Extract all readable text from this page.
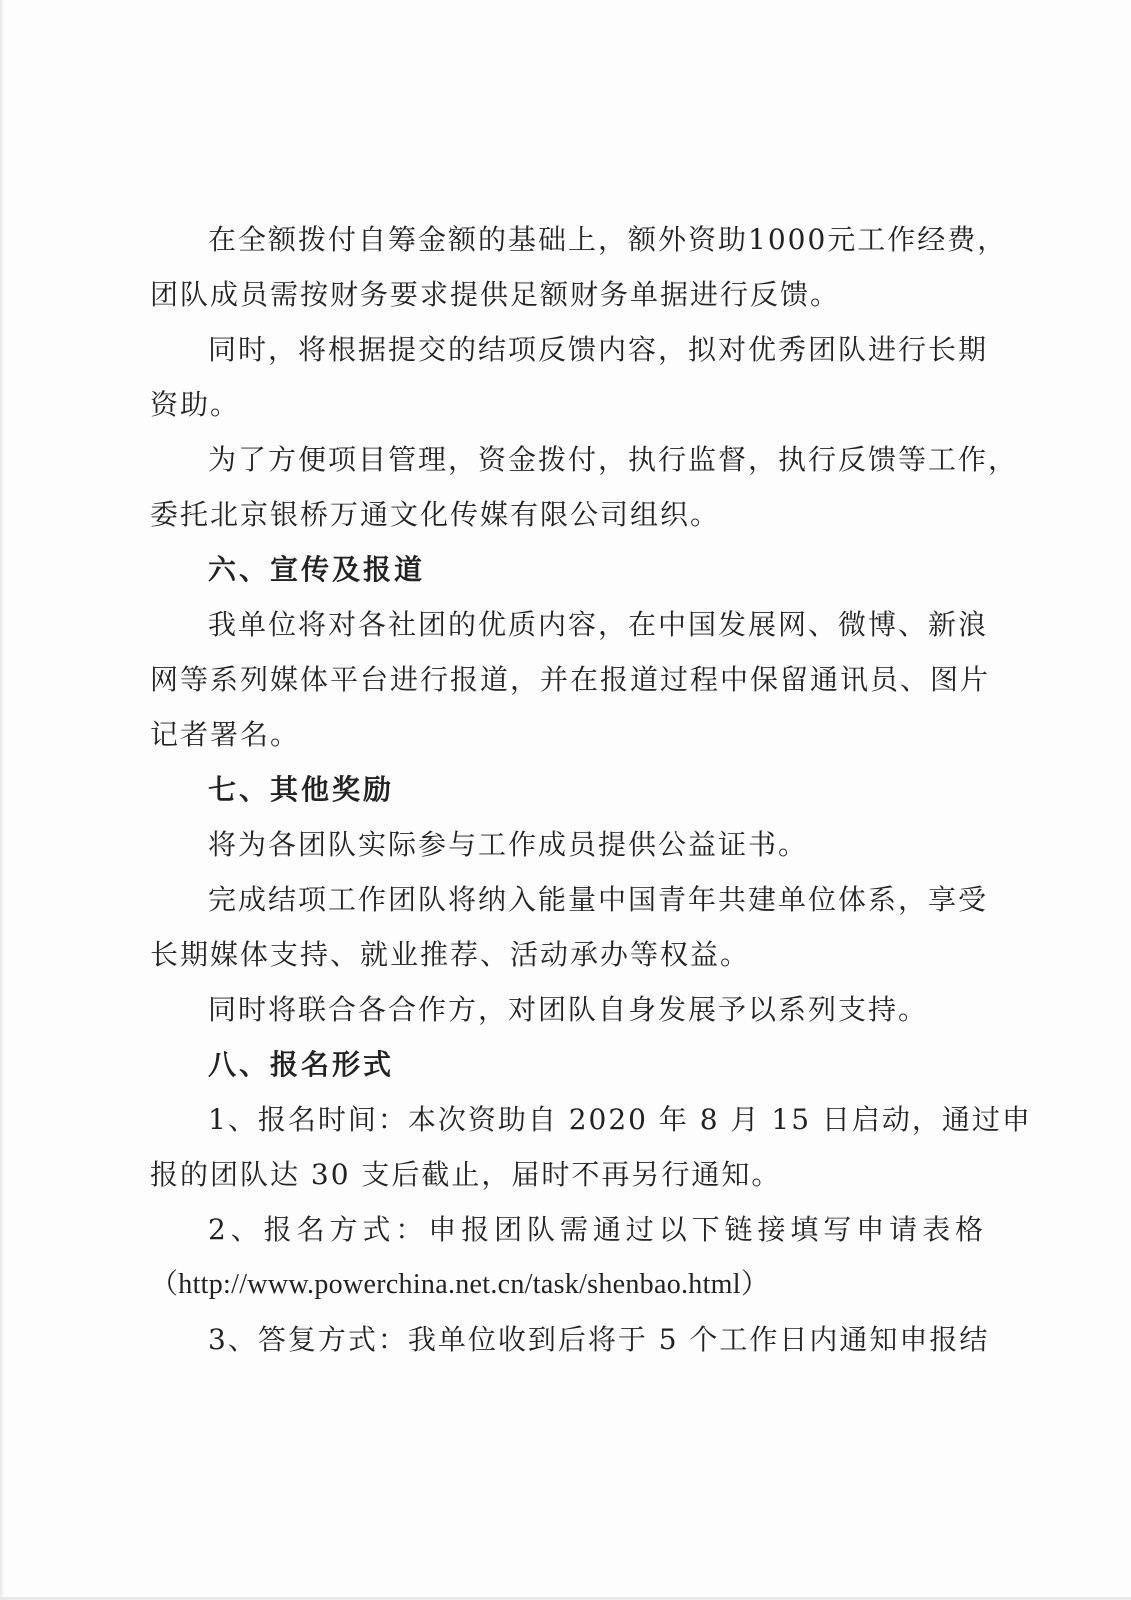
在全额拨付自筹金额的基础上，额外资助1000元工作经费，
团队成员需按财务要求提供足额财务单据进行反馈。
同时，将根据提交的结项反馈内容，拟对优秀团队进行长期
资助。
为了方便项目管理，资金拨付，执行监督，执行反馈等工作，
委托北京银桥万通文化传媒有限公司组织。
六、宣传及报道
我单位将对各社团的优质内容，在中国发展网、微博、新浪
网等系列媒体平台进行报道，并在报道过程中保留通讯员、图片
记者署名。
七、其他奖励
将为各团队实际参与工作成员提供公益证书。
完成结项工作团队将纳入能量中国青年共建单位体系，享受
长期媒体支持、就业推荐、活动承办等权益。
同时将联合各合作方，对团队自身发展予以系列支持。
八、报名形式
1、报名时间：本次资助自 2020 年 8 月 15 日启动，通过申
报的团队达 30 支后截止，届时不再另行通知。
2、报名方式：申报团队需通过以下链接填写申请表格
（http://www.powerchina.net.cn/task/shenbao.html）
3、答复方式：我单位收到后将于 5 个工作日内通知申报结
